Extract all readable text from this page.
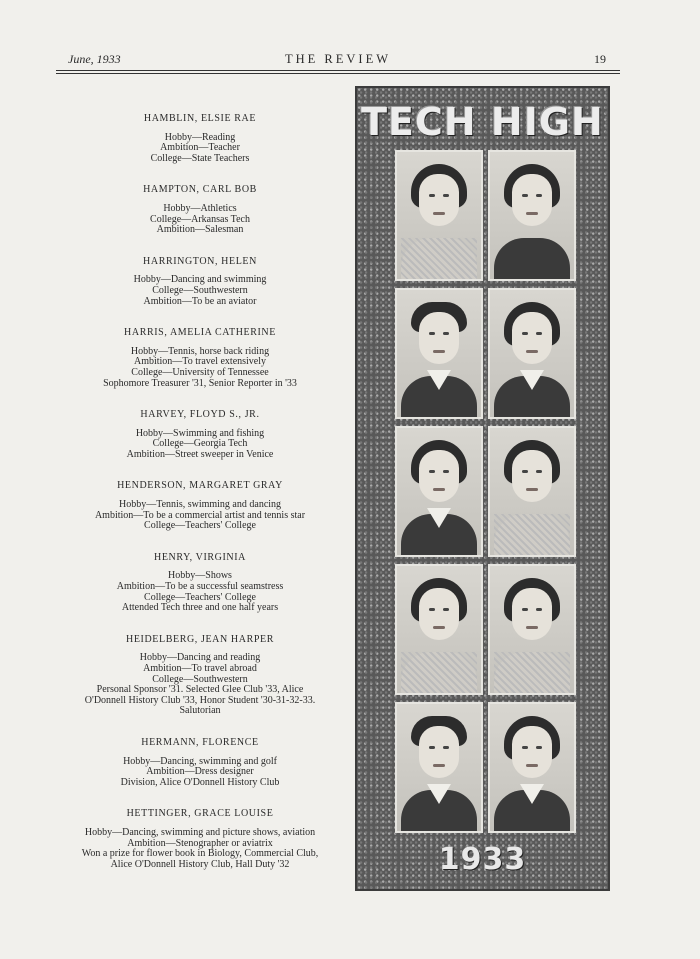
June, 1933	THE REVIEW	19
HAMBLIN, ELSIE RAE
Hobby—Reading
Ambition—Teacher
College—State Teachers
HAMPTON, CARL BOB
Hobby—Athletics
College—Arkansas Tech
Ambition—Salesman
HARRINGTON, HELEN
Hobby—Dancing and swimming
College—Southwestern
Ambition—To be an aviator
HARRIS, AMELIA CATHERINE
Hobby—Tennis, horse back riding
Ambition—To travel extensively
College—University of Tennessee
Sophomore Treasurer '31, Senior Reporter in '33
HARVEY, FLOYD S., JR.
Hobby—Swimming and fishing
College—Georgia Tech
Ambition—Street sweeper in Venice
HENDERSON, MARGARET GRAY
Hobby—Tennis, swimming and dancing
Ambition—To be a commercial artist and tennis star
College—Teachers' College
HENRY, VIRGINIA
Hobby—Shows
Ambition—To be a successful seamstress
College—Teachers' College
Attended Tech three and one half years
HEIDELBERG, JEAN HARPER
Hobby—Dancing and reading
Ambition—To travel abroad
College—Southwestern
Personal Sponsor '31. Selected Glee Club '33, Alice
O'Donnell History Club '33, Honor Student '30-31-32-33.
Salutorian
HERMANN, FLORENCE
Hobby—Dancing, swimming and golf
Ambition—Dress designer
Division, Alice O'Donnell History Club
HETTINGER, GRACE LOUISE
Hobby—Dancing, swimming and picture shows, aviation
Ambition—Stenographer or aviatrix
Won a prize for flower book in Biology, Commercial Club,
Alice O'Donnell History Club, Hall Duty '32
TECH HIGH
1933
